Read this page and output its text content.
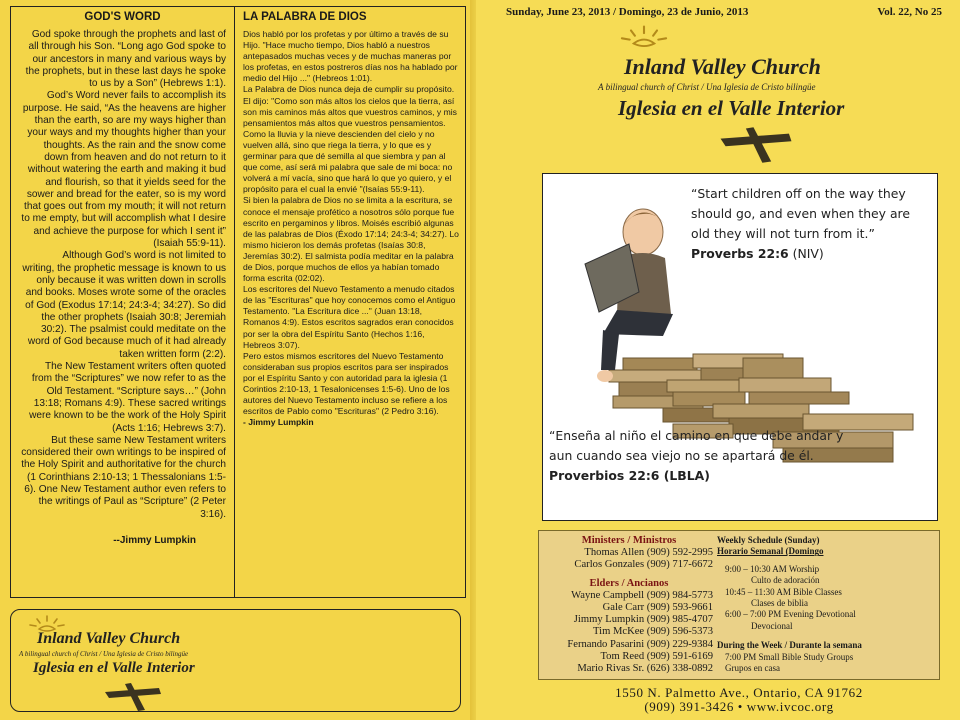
GOD'S WORD

God spoke through the prophets and last of all through his Son. “Long ago God spoke to our ancestors in many and various ways by the prophets, but in these last days he spoke to us by a Son” (Hebrews 1:1).

God’s Word never fails to accomplish its purpose. He said, “As the heavens are higher than the earth, so are my ways higher than your ways and my thoughts higher than your thoughts. As the rain and the snow come down from heaven and do not return to it without watering the earth and making it bud and flourish, so that it yields seed for the sower and bread for the eater, so is my word that goes out from my mouth; it will not return to me empty, but will accomplish what I desire and achieve the purpose for which I sent it” (Isaiah 55:9-11).

Although God’s word is not limited to writing, the prophetic message is known to us only because it was written down in scrolls and books. Moses wrote some of the oracles of God (Exodus 17:14; 24:3-4; 34:27). So did the other prophets (Isaiah 30:8; Jeremiah 30:2). The psalmist could meditate on the word of God because much of it had already taken written form (2:2).

The New Testament writers often quoted from the “Scriptures” we now refer to as the Old Testament. “Scripture says…” (John 13:18; Romans 4:9). These sacred writings were known to be the work of the Holy Spirit (Acts 1:16; Hebrews 3:7).

But these same New Testament writers considered their own writings to be inspired of the Holy Spirit and authoritative for the church (1 Corinthians 2:10-13; 1 Thessalonians 1:5-6). One New Testament author even refers to the writings of Paul as “Scripture” (2 Peter 3:16).

--Jimmy Lumpkin
LA PALABRA DE DIOS

Dios habló por los profetas y por último a través de su Hijo. "Hace mucho tiempo, Dios habló a nuestros antepasados muchas veces y de muchas maneras por los profetas, en estos postreros días nos ha hablado por medio del Hijo ..." (Hebreos 1:01).

La Palabra de Dios nunca deja de cumplir su propósito. El dijo: "Como son más altos los cielos que la tierra, así son mis caminos más altos que vuestros caminos, y mis pensamientos más altos que vuestros pensamientos. Como la lluvia y la nieve descienden del cielo y no vuelven allá, sino que riega la tierra, y lo que es y germinar para que dé semilla al que siembra y pan al que come, así será mi palabra que sale de mi boca: no volverá a mí vacía, sino que hará lo que yo quiero, y el propósito para el cual la envié "(Isaías 55:9-11).

Si bien la palabra de Dios no se limita a la escritura, se conoce el mensaje profético a nosotros sólo porque fue escrito en pergaminos y libros. Moisés escribió algunas de las palabras de Dios (Éxodo 17:14; 24:3-4; 34:27). Lo mismo hicieron los demás profetas (Isaías 30:8, Jeremías 30:2). El salmista podía meditar en la palabra de Dios, porque muchos de ellos ya habían tomado forma escrita (02:02).

Los escritores del Nuevo Testamento a menudo citados de las "Escrituras" que hoy conocemos como el Antiguo Testamento. "La Escritura dice ..." (Juan 13:18, Romanos 4:9). Estos escritos sagrados eran conocidos por ser la obra del Espíritu Santo (Hechos 1:16, Hebreos 3:07).

Pero estos mismos escritores del Nuevo Testamento consideraban sus propios escritos para ser inspirados por el Espíritu Santo y con autoridad para la iglesia (1 Corintios 2:10-13, 1 Tesalonicenses 1:5-6). Uno de los autores del Nuevo Testamento incluso se refiere a los escritos de Pablo como "Escrituras" (2 Pedro 3:16).

- Jimmy Lumpkin
Inland Valley Church
A bilingual church of Christ / Una Iglesia de Cristo bilingüe
Iglesia en el Valle Interior
Sunday, June 23, 2013 / Domingo, 23 de Junio, 2013	Vol. 22, No 25
Inland Valley Church
A bilingual church of Christ / Una Iglesia de Cristo bilingüe
Iglesia en el Valle Interior
“Start children off on the way they should go, and even when they are old they will not turn from it.”
Proverbs 22:6 (NIV)
“Enseña al niño el camino en que debe andar y aun cuando sea viejo no se apartará de él.
Proverbios 22:6 (LBLA)
Ministers / Ministros
Thomas Allen (909) 592-2995
Carlos Gonzales (909) 717-6672
Elders / Ancianos
Wayne Campbell (909) 984-5773
Gale Carr (909) 593-9661
Jimmy Lumpkin (909) 985-4707
Tim McKee (909) 596-5373
Fernando Pasarini (909) 229-9384
Tom Reed (909) 591-6169
Mario Rivas Sr. (626) 338-0892
Weekly Schedule (Sunday)
Horario Semanal (Domingo
9:00 – 10:30 AM Worship
Culto de adoración
10:45 – 11:30 AM Bible Classes
Clases de biblia
6:00 – 7:00 PM Evening Devotional
Devocional
During the Week / Durante la semana
7:00 PM Small Bible Study Groups
Grupos en casa
1550 N. Palmetto Ave., Ontario, CA 91762
(909) 391-3426 • www.ivcoc.org
